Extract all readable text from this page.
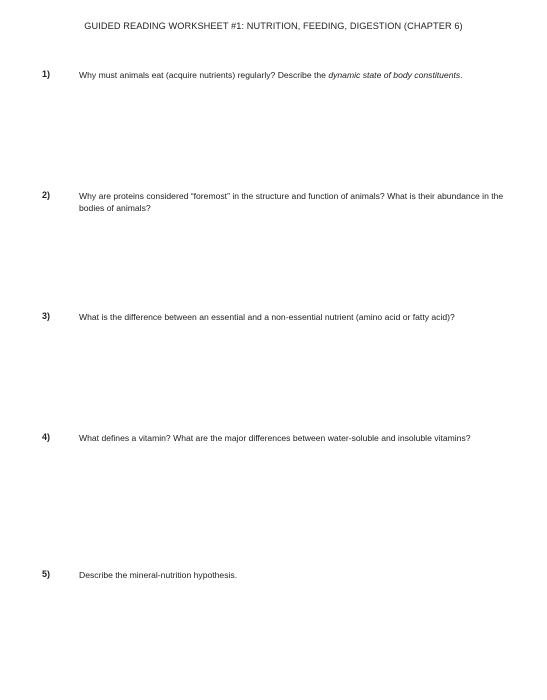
GUIDED READING WORKSHEET #1: NUTRITION, FEEDING, DIGESTION (CHAPTER 6)
1)	Why must animals eat (acquire nutrients) regularly? Describe the dynamic state of body constituents.
2)	Why are proteins considered “foremost” in the structure and function of animals? What is their abundance in the bodies of animals?
3)	What is the difference between an essential and a non-essential nutrient (amino acid or fatty acid)?
4)	What defines a vitamin? What are the major differences between water-soluble and insoluble vitamins?
5)	Describe the mineral-nutrition hypothesis.
